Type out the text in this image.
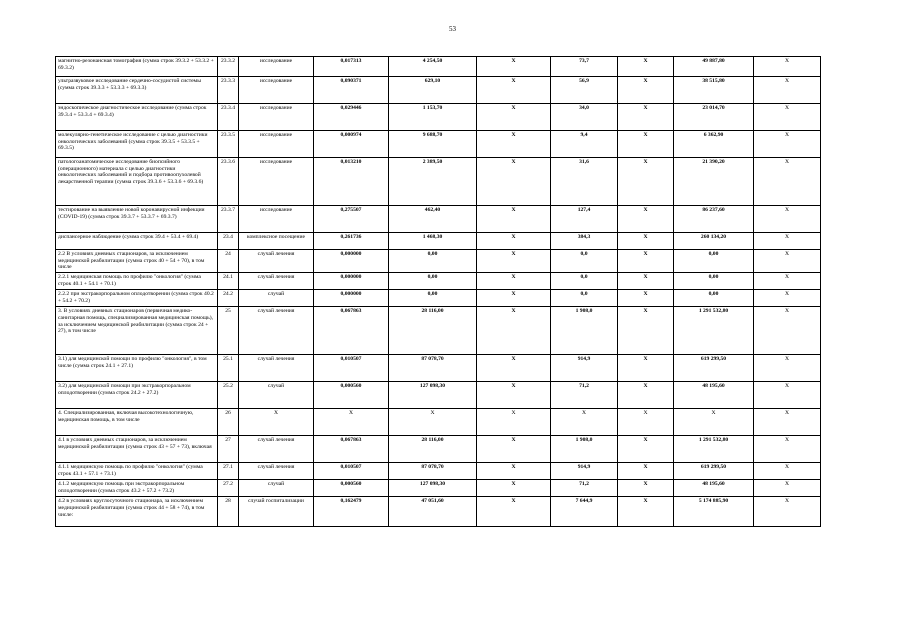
53
магнитно-резонансная томография (сумма строк 39.3.2 + 53.3.2 + 69.3.2)	23.3.2	исследование	0,017313	4 254,50	X	73,7	X	49 887,80	X
ультразвуковое исследование сердечно-сосудистой системы (сумма строк 39.3.3 + 53.3.3 + 69.3.3)	23.3.3	исследование	0,090371	629,10	X	56,9	X	38 515,80	X
эндоскопическое диагностическое исследование (сумма строк 39.3.4 + 53.3.4 + 69.3.4)	23.3.4	исследование	0,029446	1 153,70	X	34,0	X	23 014,70	X
молекулярно-генетическое исследование с целью диагностики онкологических заболеваний (сумма строк 39.3.5 + 53.3.5 + 69.3.5)	23.3.5	исследование	0,000974	9 688,70	X	9,4	X	6 362,90	X
патологоанатомическое исследование биопсийного (операционного) материала с целью диагностики онкологических заболеваний и подбора противоопухолевой лекарственной терапии (сумма строк 39.3.6 + 53.3.6 + 69.3.6)	23.3.6	исследование	0,013210	2 389,50	X	31,6	X	21 390,20	X
тестирование на выявление новой коронавирусной инфекции (COVID-19) (сумма строк 39.3.7 + 53.3.7 + 69.3.7)	23.3.7	исследование	0,275507	462,40	X	127,4	X	86 237,60	X
диспансерное наблюдение (сумма строк 39.4 + 53.4 + 69.4)	23.4	комплексное посещение	0,261736	1 468,30	X	384,3	X	260 134,20	X
2.2 В условиях дневных стационаров, за исключением медицинской реабилитации (сумма строк 40 + 54 + 70), в том числе	24	случай лечения	0,000000	0,00	X	0,0	X	0,00	X
2.2.1 медицинская помощь по профилю "онкология" (сумма строк 40.1 + 54.1 + 70.1)	24.1	случай лечения	0,000000	0,00	X	0,0	X	0,00	X
2.2.2 при экстракорпоральном оплодотворении (сумма строк 40.2 + 54.2 + 70.2)	24.2	случай	0,000000	0,00	X	0,0	X	0,00	X
3. В условиях дневных стационаров (первичная медико-санитарная помощь, специализированная медицинская помощь), за исключением медицинской реабилитации (сумма строк 24 + 27), в том числе	25	случай лечения	0,067863	28 116,00	X	1 908,0	X	1 291 532,80	X
3.1) для медицинской помощи по профилю "онкология", в том числе (сумма строк 24.1 + 27.1)	25.1	случай лечения	0,010507	87 078,70	X	914,9	X	619 299,50	X
3.2) для медицинской помощи при экстракорпоральном оплодотворении (сумма строк 24.2 + 27.2)	25.2	случай	0,000560	127 098,30	X	71,2	X	48 195,60	X
4. Специализированная, включая высокотехнологичную, медицинская помощь, в том числе	26	X	X	X	X	X	X	X	X
4.1 в условиях дневных стационаров, за исключением медицинской реабилитации (сумма строк 43 + 57 + 73), включая	27	случай лечения	0,067863	28 116,00	X	1 908,0	X	1 291 532,80	X
4.1.1 медицинскую помощь по профилю "онкология" (сумма строк 43.1 + 57.1 + 73.1)	27.1	случай лечения	0,010507	87 078,70	X	914,9	X	619 299,50	X
4.1.2 медицинскую помощь при экстракорпоральном оплодотворении (сумма строк 43.2 + 57.2 + 73.2)	27.2	случай	0,000560	127 098,30	X	71,2	X	48 195,60	X
4.2 в условиях круглосуточного стационара, за исключением медицинской реабилитации (сумма строк 44 + 58 + 74), в том числе:	28	случай госпитализации	0,162479	47 051,60	X	7 644,9	X	5 174 885,90	X
